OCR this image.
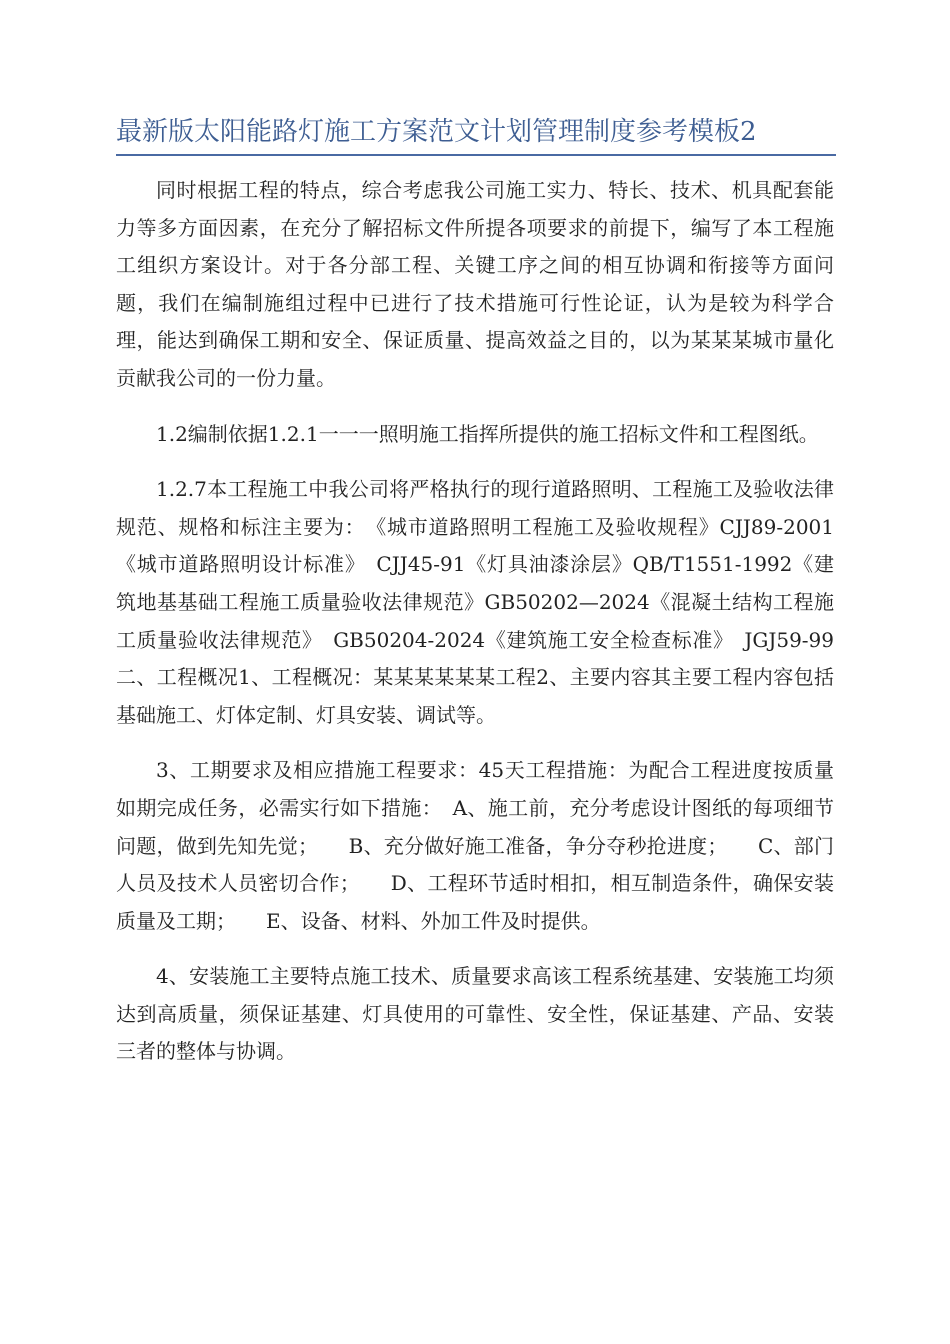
最新版太阳能路灯施工方案范文计划管理制度参考模板2

同时根据工程的特点，综合考虑我公司施工实力、特长、技术、机具配套能力等多方面因素，在充分了解招标文件所提各项要求的前提下，编写了本工程施工组织方案设计。对于各分部工程、关键工序之间的相互协调和衔接等方面问题，我们在编制施组过程中已进行了技术措施可行性论证，认为是较为科学合理，能达到确保工期和安全、保证质量、提高效益之目的，以为某某某城市量化贡献我公司的一份力量。

1.2编制依据1.2.1一一一照明施工指挥所提供的施工招标文件和工程图纸。

1.2.7本工程施工中我公司将严格执行的现行道路照明、工程施工及验收法律规范、规格和标注主要为：　《城市道路照明工程施工及验收规程》CJJ89-2001《城市道路照明设计标准》　CJJ45-91《灯具油漆涂层》QB/T1551-1992《建筑地基基础工程施工质量验收法律规范》GB50202—2024《混凝土结构工程施工质量验收法律规范》　GB50204-2024《建筑施工安全检查标准》　JGJ59-99二、工程概况1、工程概况：某某某某某某工程2、主要内容其主要工程内容包括基础施工、灯体定制、灯具安装、调试等。

3、工期要求及相应措施工程要求：45天工程措施：为配合工程进度按质量如期完成任务，必需实行如下措施：　A、施工前，充分考虑设计图纸的每项细节问题，做到先知先觉；　　B、充分做好施工准备，争分夺秒抢进度；　　C、部门人员及技术人员密切合作；　　D、工程环节适时相扣，相互制造条件，确保安装质量及工期；　　E、设备、材料、外加工件及时提供。

4、安装施工主要特点施工技术、质量要求高该工程系统基建、安装施工均须达到高质量，须保证基建、灯具使用的可靠性、安全性，保证基建、产品、安装三者的整体与协调。
